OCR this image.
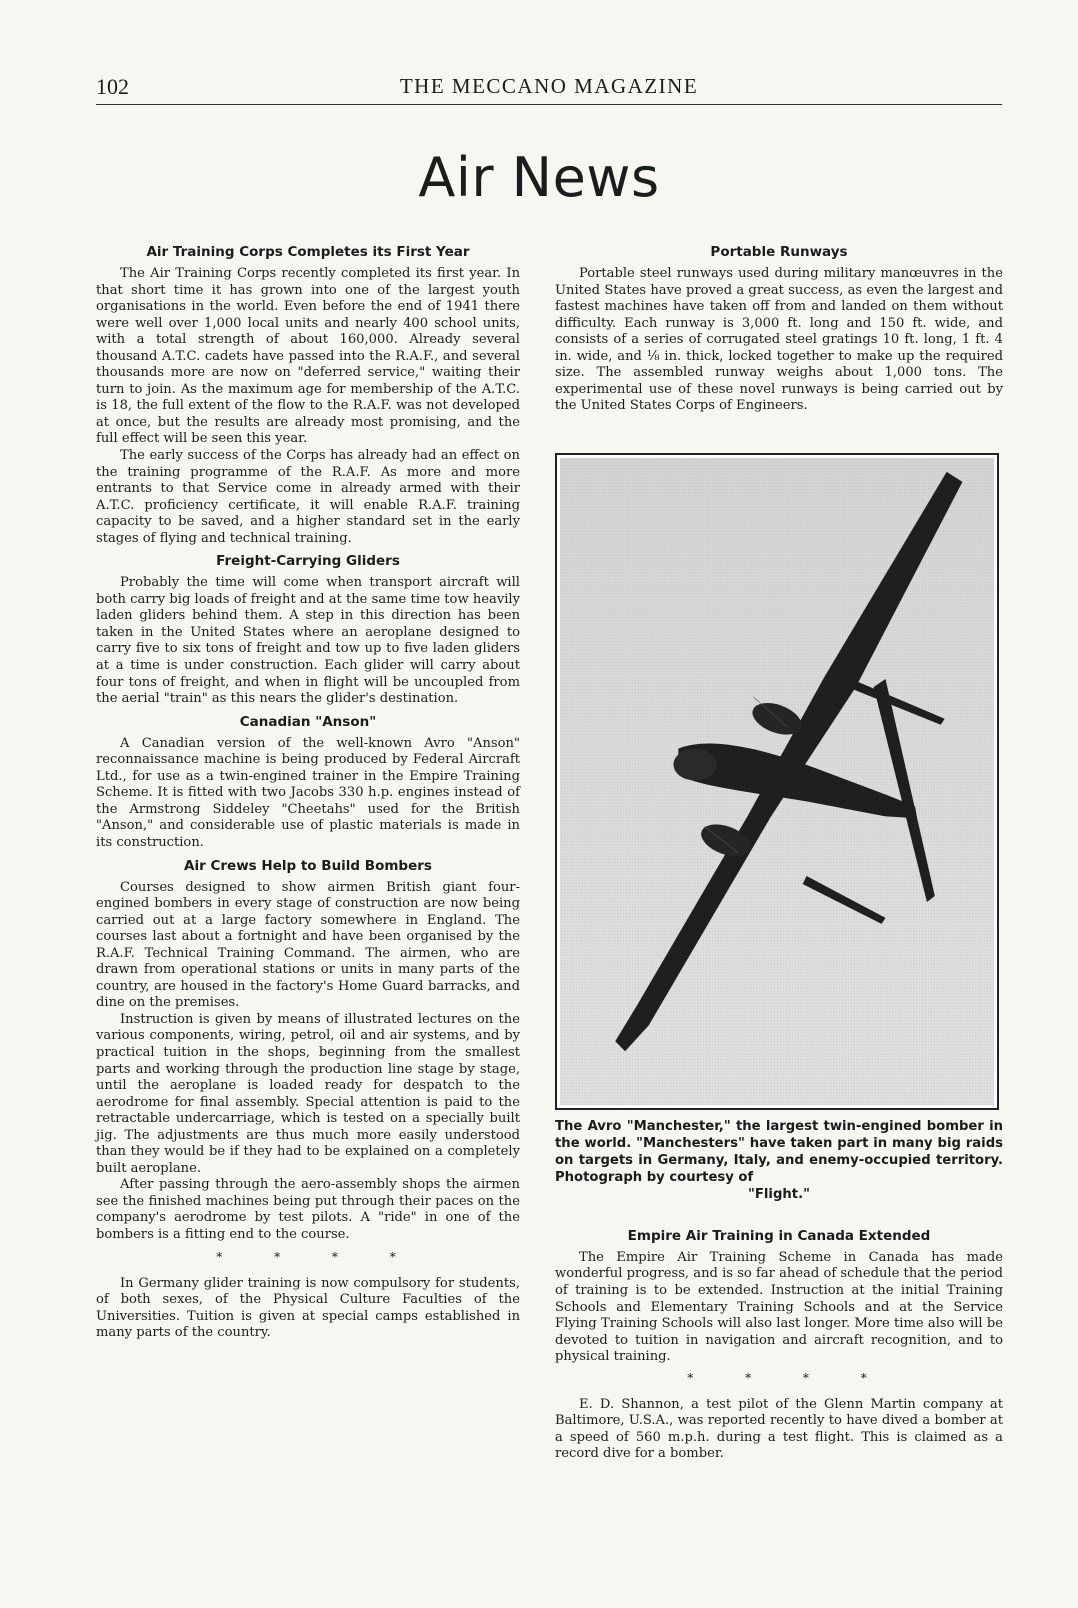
102	THE MECCANO MAGAZINE
Air News
Air Training Corps Completes its First Year

The Air Training Corps recently completed its first year. In that short time it has grown into one of the largest youth organisations in the world. Even before the end of 1941 there were well over 1,000 local units and nearly 400 school units, with a total strength of about 160,000. Already several thousand A.T.C. cadets have passed into the R.A.F., and several thousands more are now on "deferred service," waiting their turn to join. As the maximum age for membership of the A.T.C. is 18, the full extent of the flow to the R.A.F. was not developed at once, but the results are already most promising, and the full effect will be seen this year.

The early success of the Corps has already had an effect on the training programme of the R.A.F. As more and more entrants to that Service come in already armed with their A.T.C. proficiency certificate, it will enable R.A.F. training capacity to be saved, and a higher standard set in the early stages of flying and technical training.

Freight-Carrying Gliders

Probably the time will come when transport aircraft will both carry big loads of freight and at the same time tow heavily laden gliders behind them. A step in this direction has been taken in the United States where an aeroplane designed to carry five to six tons of freight and tow up to five laden gliders at a time is under construction. Each glider will carry about four tons of freight, and when in flight will be uncoupled from the aerial "train" as this nears the glider's destination.

Canadian "Anson"

A Canadian version of the well-known Avro "Anson" reconnaissance machine is being produced by Federal Aircraft Ltd., for use as a twin-engined trainer in the Empire Training Scheme. It is fitted with two Jacobs 330 h.p. engines instead of the Armstrong Siddeley "Cheetahs" used for the British "Anson," and considerable use of plastic materials is made in its construction.

Air Crews Help to Build Bombers

Courses designed to show airmen British giant four-engined bombers in every stage of construction are now being carried out at a large factory somewhere in England. The courses last about a fortnight and have been organised by the R.A.F. Technical Training Command. The airmen, who are drawn from operational stations or units in many parts of the country, are housed in the factory's Home Guard barracks, and dine on the premises.

Instruction is given by means of illustrated lectures on the various components, wiring, petrol, oil and air systems, and by practical tuition in the shops, beginning from the smallest parts and working through the production line stage by stage, until the aeroplane is loaded ready for despatch to the aerodrome for final assembly. Special attention is paid to the retractable undercarriage, which is tested on a specially built jig. The adjustments are thus much more easily understood than they would be if they had to be explained on a completely built aeroplane.

After passing through the aero-assembly shops the airmen see the finished machines being put through their paces on the company's aerodrome by test pilots. A "ride" in one of the bombers is a fitting end to the course.

* * * *

In Germany glider training is now compulsory for students, of both sexes, of the Physical Culture Faculties of the Universities. Tuition is given at special camps established in many parts of the country.

Portable Runways

Portable steel runways used during military manœuvres in the United States have proved a great success, as even the largest and fastest machines have taken off from and landed on them without difficulty. Each runway is 3,000 ft. long and 150 ft. wide, and consists of a series of corrugated steel gratings 10 ft. long, 1 ft. 4 in. wide, and ⅛ in. thick, locked together to make up the required size. The assembled runway weighs about 1,000 tons. The experimental use of these novel runways is being carried out by the United States Corps of Engineers.

The Avro "Manchester," the largest twin-engined bomber in the world. "Manchesters" have taken part in many big raids on targets in Germany, Italy, and enemy-occupied territory. Photograph by courtesy of
"Flight."

Empire Air Training in Canada Extended

The Empire Air Training Scheme in Canada has made wonderful progress, and is so far ahead of schedule that the period of training is to be extended. Instruction at the initial Training Schools and Elementary Training Schools and at the Service Flying Training Schools will also last longer. More time also will be devoted to tuition in navigation and aircraft recognition, and to physical training.

* * * *

E. D. Shannon, a test pilot of the Glenn Martin company at Baltimore, U.S.A., was reported recently to have dived a bomber at a speed of 560 m.p.h. during a test flight. This is claimed as a record dive for a bomber.
